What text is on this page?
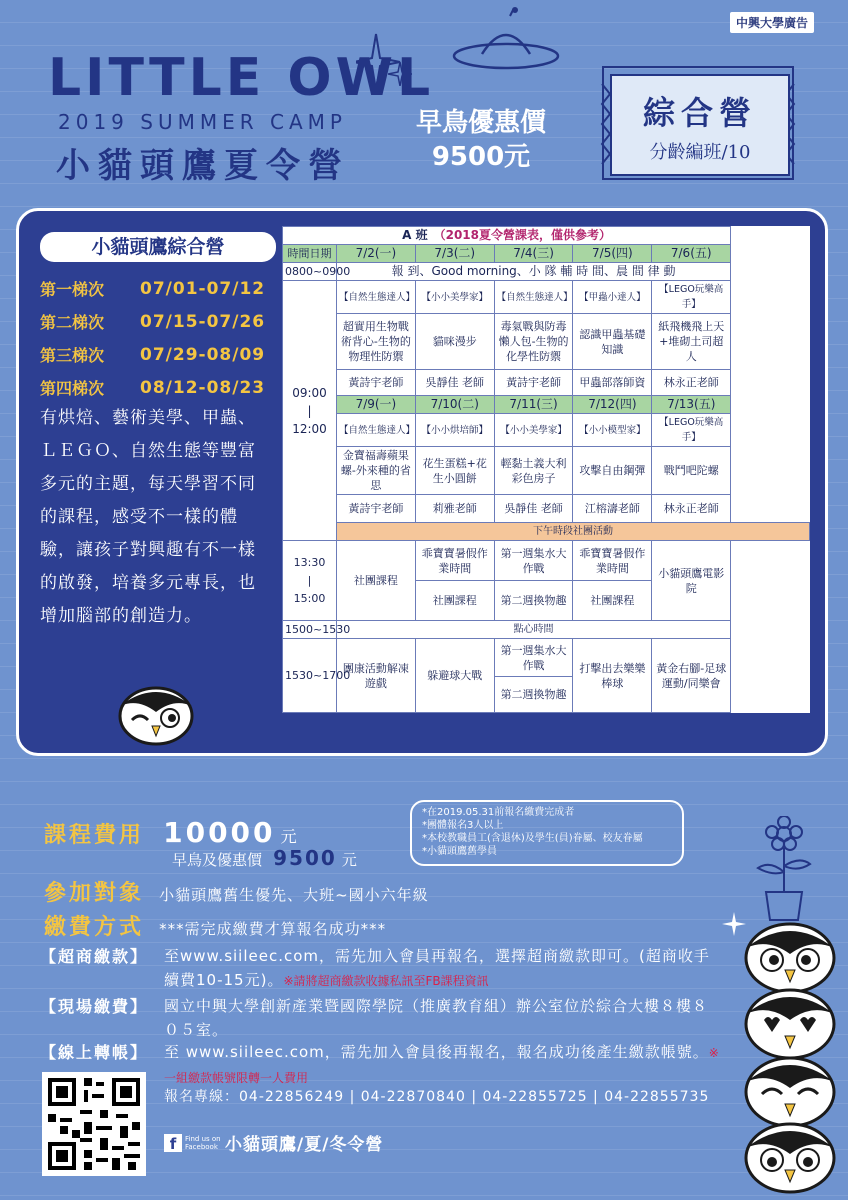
中興大學廣告
LITTLE OWL
2019 SUMMER CAMP
小貓頭鷹夏令營
早鳥優惠價
9500元
綜合營
分齡編班/10
小貓頭鷹綜合營
第一梯次	07/01-07/12
第二梯次	07/15-07/26
第三梯次	07/29-08/09
第四梯次	08/12-08/23
有烘焙、藝術美學、甲蟲、ＬＥＧＯ、自然生態等豐富多元的主題，每天學習不同的課程，感受不一樣的體驗，讓孩子對興趣有不一樣的啟發，培養多元專長，也增加腦部的創造力。
A 班　 （2018夏令營課表，僅供參考）					
時間日期	7/2(一)	7/3(二)	7/4(三)	7/5(四)	7/6(五)
0800~0900	報 到、Good morning、小 隊 輔 時 間、晨 間 律 動				

09:00
|
12:00	【自然生態達人】	【小小美學家】	【自然生態達人】	【甲蟲小達人】	【LEGO玩樂高手】
	超實用生物戰術背心-生物的物理性防禦	貓咪漫步	毒氣戰與防毒懶人包-生物的化學性防禦	認識甲蟲基礎知識	紙飛機飛上天+堆砌土司超人
	黃詩宇老師	吳靜佳 老師	黃詩宇老師	甲蟲部落師資	林永正老師
	7/9(一)	7/10(二)	7/11(三)	7/12(四)	7/13(五)
	【自然生態達人】	【小小烘培師】	【小小美學家】	【小小模型家】	【LEGO玩樂高手】
	金寶福壽蘋果螺-外來種的省思	花生蛋糕+花生小圓餅	輕黏土義大利彩色房子	攻擊自由鋼彈	戰鬥吧陀螺
	黃詩宇老師	莉雅老師	吳靜佳 老師	江榕濤老師	林永正老師
	下午時段社團活動				

13:30
|
15:00	社團課程	乖寶寶暑假作業時間	第一週集水大作戰	乖寶寶暑假作業時間	小貓頭鷹電影院
		社團課程	第二週換物趣	社團課程	
1500~1530	點心時間				
1530~1700	團康活動解凍遊戲	躲避球大戰	第一週集水大作戰	打擊出去樂樂棒球	黃金右腳-足球運動/同樂會
			第二週換物趣		
課程費用 10000 元
早鳥及優惠價 9500 元
*在2019.05.31前報名繳費完成者
*團體報名3人以上
*本校教職員工(含退休)及學生(員)眷屬、校友眷屬
*小貓頭鷹舊學員
參加對象 小貓頭鷹舊生優先、大班~國小六年級
繳費方式 ***需完成繳費才算報名成功***
【超商繳款】	至www.siileec.com，需先加入會員再報名，選擇超商繳款即可。(超商收手續費10-15元)。※請將超商繳款收據私訊至FB課程資訊
【現場繳費】	國立中興大學創新產業暨國際學院（推廣教育組）辦公室位於綜合大樓８樓８０５室。
【線上轉帳】	至 www.siileec.com，需先加入會員後再報名，報名成功後產生繳款帳號。※一組繳款帳號限轉一人費用
報名專線：04-22856249 | 04-22870840 | 04-22855725 | 04-22855735
f	Find us on Facebook 小貓頭鷹/夏/冬令營
